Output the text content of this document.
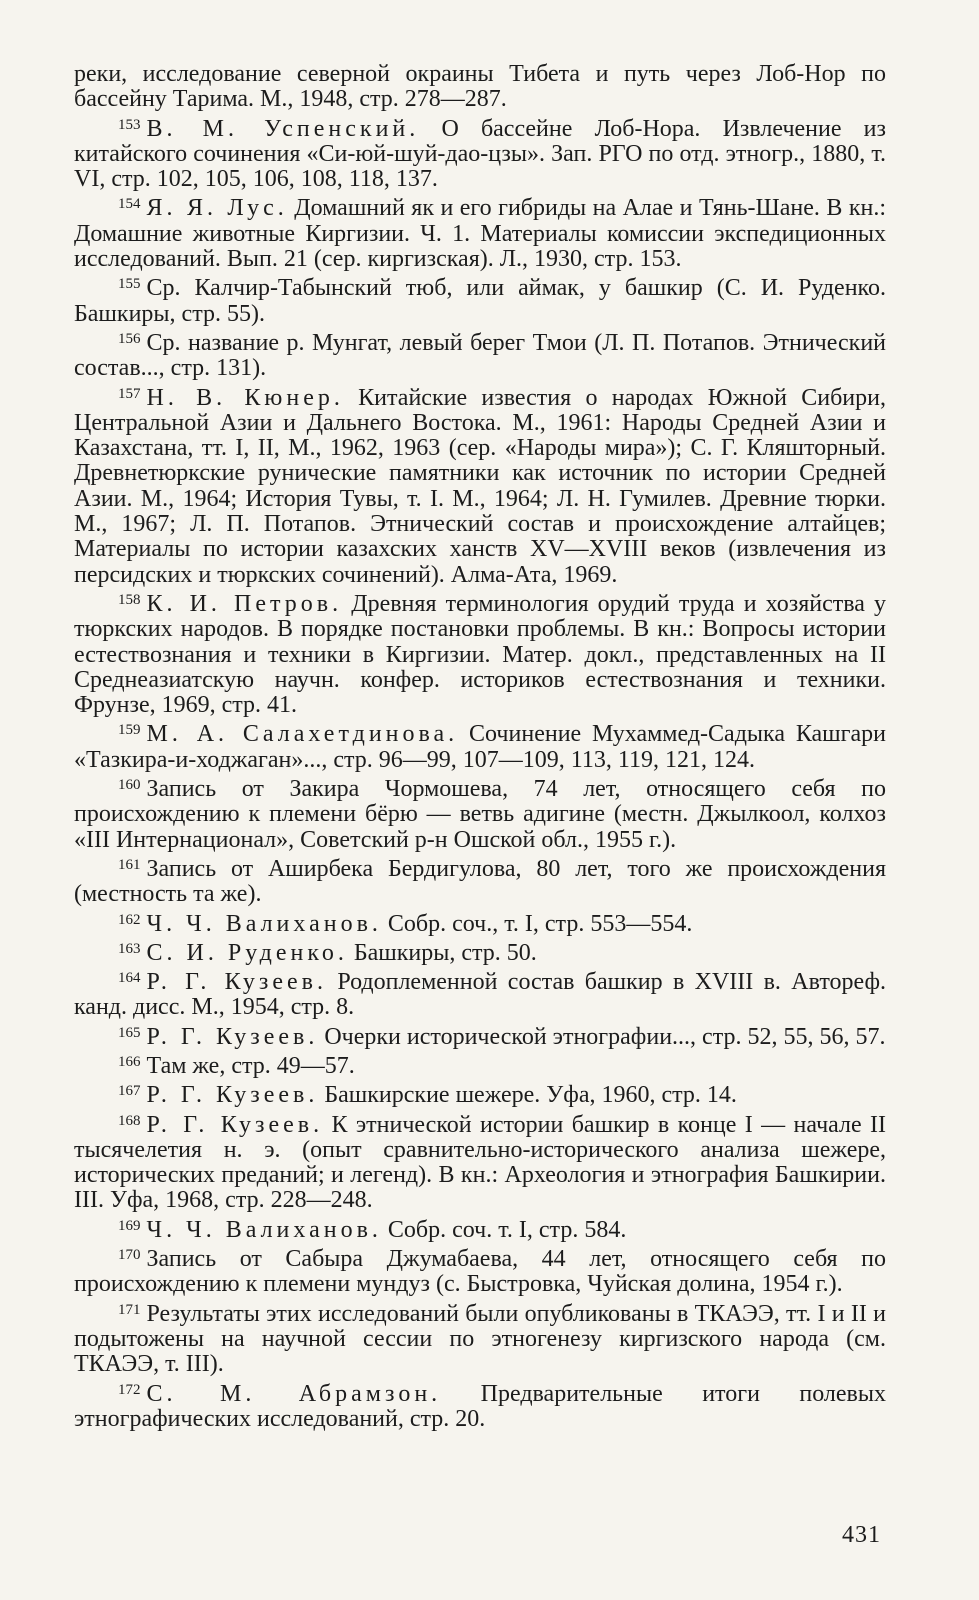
реки, исследование северной окраины Тибета и путь через Лоб-Нор по бассейну Тарима. М., 1948, стр. 278—287.

$^{153}$ В. М. Успенский. О бассейне Лоб-Нора. Извлечение из китайского сочинения «Си-юй-шуй-дао-цзы». Зап. РГО по отд. этногр., 1880, т. VI, стр. 102, 105, 106, 108, 118, 137.

$^{154}$ Я. Я. Лус. Домашний як и его гибриды на Алае и Тянь-Шане. В кн.: Домашние животные Киргизии. Ч. 1. Материалы комиссии экспедиционных исследований. Вып. 21 (сер. киргизская). Л., 1930, стр. 153.

$^{155}$ Ср. Калчир-Табынский тюб, или аймак, у башкир (С. И. Руденко. Башкиры, стр. 55).

$^{156}$ Ср. название р. Мунгат, левый берег Тмои (Л. П. Потапов. Этнический состав..., стр. 131).

$^{157}$ Н. В. Кюнер. Китайские известия о народах Южной Сибири, Центральной Азии и Дальнего Востока. М., 1961: Народы Средней Азии и Казахстана, тт. I, II, М., 1962, 1963 (сер. «Народы мира»); С. Г. Кляшторный. Древнетюркские рунические памятники как источник по истории Средней Азии. М., 1964; История Тувы, т. I. М., 1964; Л. Н. Гумилев. Древние тюрки. М., 1967; Л. П. Потапов. Этнический состав и происхождение алтайцев; Материалы по истории казахских ханств XV—XVIII веков (извлечения из персидских и тюркских сочинений). Алма-Ата, 1969.

$^{158}$ К. И. Петров. Древняя терминология орудий труда и хозяйства у тюркских народов. В порядке постановки проблемы. В кн.: Вопросы истории естествознания и техники в Киргизии. Матер. докл., представленных на II Среднеазиатскую научн. конфер. историков естествознания и техники. Фрунзе, 1969, стр. 41.

$^{159}$ М. А. Салахетдинова. Сочинение Мухаммед-Садыка Кашгари «Тазкира-и-ходжаган»..., стр. 96—99, 107—109, 113, 119, 121, 124.

$^{160}$ Запись от Закира Чормошева, 74 лет, относящего себя по происхождению к племени бёрю — ветвь адигине (местн. Джылкоол, колхоз «III Интернационал», Советский р-н Ошской обл., 1955 г.).

$^{161}$ Запись от Аширбека Бердигулова, 80 лет, того же происхождения (местность та же).

$^{162}$ Ч. Ч. Валиханов. Собр. соч., т. I, стр. 553—554.

$^{163}$ С. И. Руденко. Башкиры, стр. 50.

$^{164}$ Р. Г. Кузеев. Родоплеменной состав башкир в XVIII в. Автореф. канд. дисс. М., 1954, стр. 8.

$^{165}$ Р. Г. Кузеев. Очерки исторической этнографии..., стр. 52, 55, 56, 57.

$^{166}$ Там же, стр. 49—57.

$^{167}$ Р. Г. Кузеев. Башкирские шежере. Уфа, 1960, стр. 14.

$^{168}$ Р. Г. Кузеев. К этнической истории башкир в конце I — начале II тысячелетия н. э. (опыт сравнительно-исторического анализа шежере, исторических преданий; и легенд). В кн.: Археология и этнография Башкирии. III. Уфа, 1968, стр. 228—248.

$^{169}$ Ч. Ч. Валиханов. Собр. соч. т. I, стр. 584.

$^{170}$ Запись от Сабыра Джумабаева, 44 лет, относящего себя по происхождению к племени мундуз (с. Быстровка, Чуйская долина, 1954 г.).

$^{171}$ Результаты этих исследований были опубликованы в ТКАЭЭ, тт. I и II и подытожены на научной сессии по этногенезу киргизского народа (см. ТКАЭЭ, т. III).

$^{172}$ С. М. Абрамзон. Предварительные итоги полевых этнографических исследований, стр. 20.

431
